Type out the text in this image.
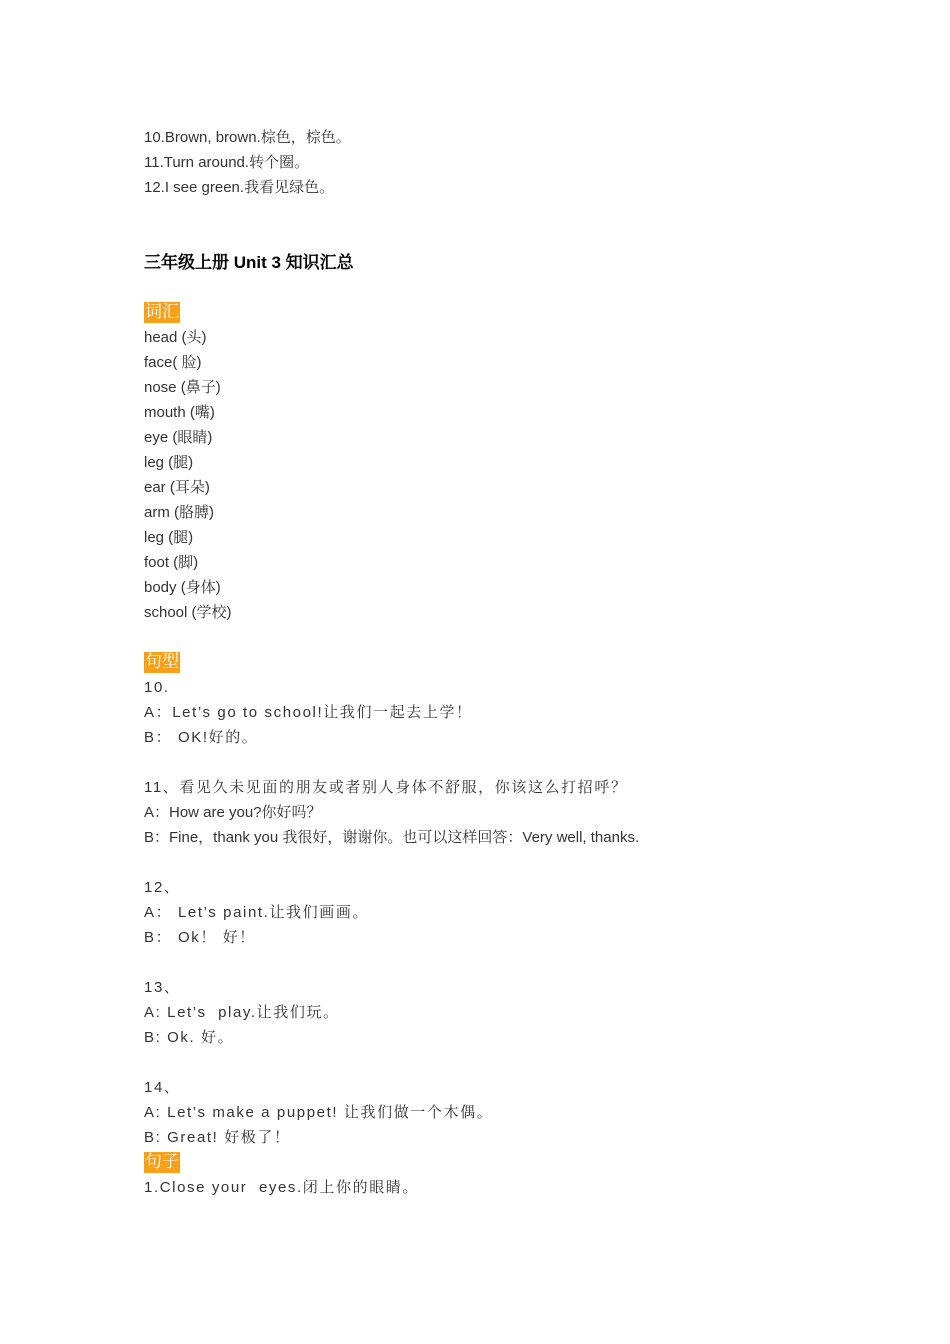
10.Brown, brown.棕色，棕色。
11.Turn around.转个圈。
12.I see green.我看见绿色。
三年级上册 Unit 3 知识汇总
词汇
head (头)
face( 脸)
nose (鼻子)
mouth (嘴)
eye (眼睛)
leg (腿)
ear (耳朵)
arm (胳膊)
leg (腿)
foot (脚)
body (身体)
school (学校)
句型
10.
A：Let’s go to school!让我们一起去上学！
B： OK!好的。
11、看见久未见面的朋友或者别人身体不舒服，你该这么打招呼？
A：How are you?你好吗？
B：Fine，thank you 我很好，谢谢你。也可以这样回答：Very well, thanks.
12、
A： Let’s paint.让我们画画。
B： Ok！ 好！
13、
A: Let’s  play.让我们玩。
B: Ok. 好。
14、
A: Let’s make a puppet! 让我们做一个木偶。
B: Great! 好极了！
句子
1.Close your  eyes.闭上你的眼睛。
